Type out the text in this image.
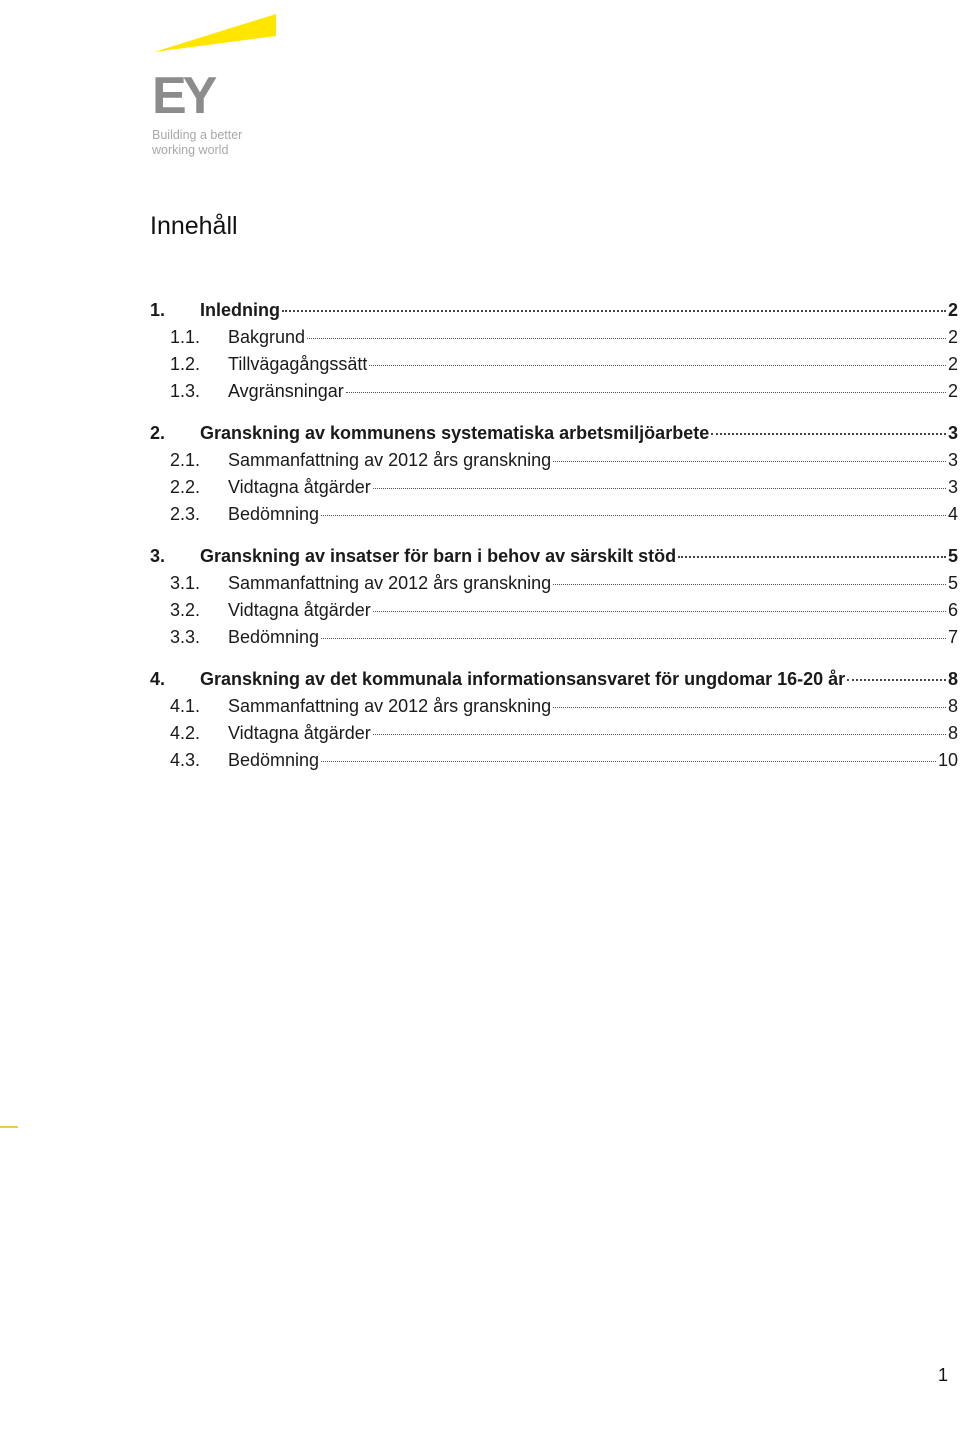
EY
Building a better working world
Innehåll
1.	Inledning	2
1.1.	Bakgrund	2
1.2.	Tillvägagångssätt	2
1.3.	Avgränsningar	2
2.	Granskning av kommunens systematiska arbetsmiljöarbete	3
2.1.	Sammanfattning av 2012 års granskning	3
2.2.	Vidtagna åtgärder	3
2.3.	Bedömning	4
3.	Granskning av insatser för barn i behov av särskilt stöd	5
3.1.	Sammanfattning av 2012 års granskning	5
3.2.	Vidtagna åtgärder	6
3.3.	Bedömning	7
4.	Granskning av det kommunala informationsansvaret för ungdomar 16-20 år	8
4.1.	Sammanfattning av 2012 års granskning	8
4.2.	Vidtagna åtgärder	8
4.3.	Bedömning	10
1
